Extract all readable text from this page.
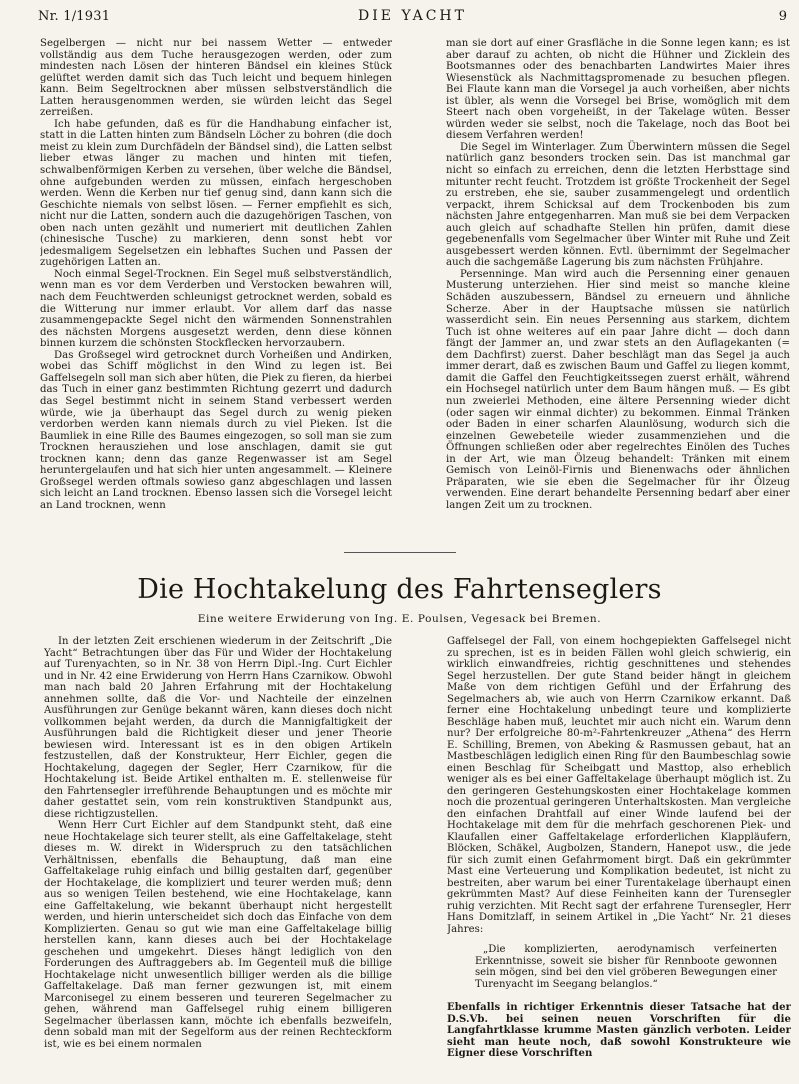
Nr. 1/1931	DIE YACHT	9

Segelbergen — nicht nur bei nassem Wetter — entweder vollständig aus dem Tuche herausgezogen werden, oder zum mindesten nach Lösen der hinteren Bändsel ein kleines Stück gelüftet werden damit sich das Tuch leicht und bequem hinlegen kann. Beim Segeltrocknen aber müssen selbstverständlich die Latten herausgenommen werden, sie würden leicht das Segel zerreißen.

Ich habe gefunden, daß es für die Handhabung einfacher ist, statt in die Latten hinten zum Bändseln Löcher zu bohren (die doch meist zu klein zum Durchfädeln der Bändsel sind), die Latten selbst lieber etwas länger zu machen und hinten mit tiefen, schwalbenförmigen Kerben zu versehen, über welche die Bändsel, ohne aufgebunden werden zu müssen, einfach hergeschoben werden. Wenn die Kerben nur tief genug sind, dann kann sich die Geschichte niemals von selbst lösen. — Ferner empfiehlt es sich, nicht nur die Latten, sondern auch die dazugehörigen Taschen, von oben nach unten gezählt und numeriert mit deutlichen Zahlen (chinesische Tusche) zu markieren, denn sonst hebt vor jedesmaligem Segelsetzen ein lebhaftes Suchen und Passen der zugehörigen Latten an.

Noch einmal Segel-Trocknen. Ein Segel muß selbstverständlich, wenn man es vor dem Verderben und Verstocken bewahren will, nach dem Feuchtwerden schleunigst getrocknet werden, sobald es die Witterung nur immer erlaubt. Vor allem darf das nasse zusammengepackte Segel nicht den wärmenden Sonnenstrahlen des nächsten Morgens ausgesetzt werden, denn diese können binnen kurzem die schönsten Stockflecken hervorzaubern.

Das Großsegel wird getrocknet durch Vorheißen und Andirken, wobei das Schiff möglichst in den Wind zu legen ist. Bei Gaffelsegeln soll man sich aber hüten, die Piek zu fieren, da hierbei das Tuch in einer ganz bestimmten Richtung gezerrt und dadurch das Segel bestimmt nicht in seinem Stand verbessert werden würde, wie ja überhaupt das Segel durch zu wenig pieken verdorben werden kann niemals durch zu viel Pieken. Ist die Baumliek in eine Rille des Baumes eingezogen, so soll man sie zum Trocknen herausziehen und lose anschlagen, damit sie gut trocknen kann; denn das ganze Regenwasser ist am Segel heruntergelaufen und hat sich hier unten angesammelt. — Kleinere Großsegel werden oftmals sowieso ganz abgeschlagen und lassen sich leicht an Land trocknen. Ebenso lassen sich die Vorsegel leicht an Land trocknen, wenn

man sie dort auf einer Grasfläche in die Sonne legen kann; es ist aber darauf zu achten, ob nicht die Hühner und Zicklein des Bootsmannes oder des benachbarten Landwirtes Maier ihres Wiesenstück als Nachmittagspromenade zu besuchen pflegen. Bei Flaute kann man die Vorsegel ja auch vorheißen, aber nichts ist übler, als wenn die Vorsegel bei Brise, womöglich mit dem Steert nach oben vorgeheißt, in der Takelage wüten. Besser würden weder sie selbst, noch die Takelage, noch das Boot bei diesem Verfahren werden!

Die Segel im Winterlager. Zum Überwintern müssen die Segel natürlich ganz besonders trocken sein. Das ist manchmal gar nicht so einfach zu erreichen, denn die letzten Herbsttage sind mitunter recht feucht. Trotzdem ist größte Trockenheit der Segel zu erstreben, ehe sie, sauber zusammengelegt und ordentlich verpackt, ihrem Schicksal auf dem Trockenboden bis zum nächsten Jahre entgegenharren. Man muß sie bei dem Verpacken auch gleich auf schadhafte Stellen hin prüfen, damit diese gegebenenfalls vom Segelmacher über Winter mit Ruhe und Zeit ausgebessert werden können. Evtl. übernimmt der Segelmacher auch die sachgemäße Lagerung bis zum nächsten Frühjahre.

Persenninge. Man wird auch die Persenning einer genauen Musterung unterziehen. Hier sind meist so manche kleine Schäden auszubessern, Bändsel zu erneuern und ähnliche Scherze. Aber in der Hauptsache müssen sie natürlich wasserdicht sein. Ein neues Persenning aus starkem, dichtem Tuch ist ohne weiteres auf ein paar Jahre dicht — doch dann fängt der Jammer an, und zwar stets an den Auflagekanten (= dem Dachfirst) zuerst. Daher beschlägt man das Segel ja auch immer derart, daß es zwischen Baum und Gaffel zu liegen kommt, damit die Gaffel den Feuchtigkeitssegen zuerst erhält, während ein Hochsegel natürlich unter dem Baum hängen muß. — Es gibt nun zweierlei Methoden, eine ältere Persenning wieder dicht (oder sagen wir einmal dichter) zu bekommen. Einmal Tränken oder Baden in einer scharfen Alaunlösung, wodurch sich die einzelnen Gewebeteile wieder zusammenziehen und die Öffnungen schließen oder aber regelrechtes Einölen des Tuches in der Art, wie man Ölzeug behandelt: Tränken mit einem Gemisch von Leinöl-Firnis und Bienenwachs oder ähnlichen Präparaten, wie sie eben die Segelmacher für ihr Ölzeug verwenden. Eine derart behandelte Persenning bedarf aber einer langen Zeit um zu trocknen.

Die Hochtakelung des Fahrtenseglers
Eine weitere Erwiderung von Ing. E. Poulsen, Vegesack bei Bremen.

In der letzten Zeit erschienen wiederum in der Zeitschrift „Die Yacht“ Betrachtungen über das Für und Wider der Hochtakelung auf Turenyachten, so in Nr. 38 von Herrn Dipl.-Ing. Curt Eichler und in Nr. 42 eine Erwiderung von Herrn Hans Czarnikow. Obwohl man nach bald 20 Jahren Erfahrung mit der Hochtakelung annehmen sollte, daß die Vor- und Nachteile der einzelnen Ausführungen zur Genüge bekannt wären, kann dieses doch nicht vollkommen bejaht werden, da durch die Mannigfaltigkeit der Ausführungen bald die Richtigkeit dieser und jener Theorie bewiesen wird. Interessant ist es in den obigen Artikeln festzustellen, daß der Konstrukteur, Herr Eichler, gegen die Hochtakelung, dagegen der Segler, Herr Czarnikow, für die Hochtakelung ist. Beide Artikel enthalten m. E. stellenweise für den Fahrtensegler irreführende Behauptungen und es möchte mir daher gestattet sein, vom rein konstruktiven Standpunkt aus, diese richtigzustellen.

Wenn Herr Curt Eichler auf dem Standpunkt steht, daß eine neue Hochtakelage sich teurer stellt, als eine Gaffeltakelage, steht dieses m. W. direkt in Widerspruch zu den tatsächlichen Verhältnissen, ebenfalls die Behauptung, daß man eine Gaffeltakelage ruhig einfach und billig gestalten darf, gegenüber der Hochtakelage, die kompliziert und teurer werden muß; denn aus so wenigen Teilen bestehend, wie eine Hochtakelage, kann eine Gaffeltakelung, wie bekannt überhaupt nicht hergestellt werden, und hierin unterscheidet sich doch das Einfache von dem Komplizierten. Genau so gut wie man eine Gaffeltakelage billig herstellen kann, kann dieses auch bei der Hochtakelage geschehen und umgekehrt. Dieses hängt lediglich von den Forderungen des Auftraggebers ab. Im Gegenteil muß die billige Hochtakelage nicht unwesentlich billiger werden als die billige Gaffeltakelage. Daß man ferner gezwungen ist, mit einem Marconisegel zu einem besseren und teureren Segelmacher zu gehen, während man Gaffelsegel ruhig einem billigeren Segelmacher überlassen kann, möchte ich ebenfalls bezweifeln, denn sobald man mit der Segelform aus der reinen Rechteckform ist, wie es bei einem normalen

Gaffelsegel der Fall, von einem hochgepiekten Gaffelsegel nicht zu sprechen, ist es in beiden Fällen wohl gleich schwierig, ein wirklich einwandfreies, richtig geschnittenes und stehendes Segel herzustellen. Der gute Stand beider hängt in gleichem Maße von dem richtigen Gefühl und der Erfahrung des Segelmachers ab, wie auch von Herrn Czarnikow erkannt. Daß ferner eine Hochtakelung unbedingt teure und komplizierte Beschläge haben muß, leuchtet mir auch nicht ein. Warum denn nur? Der erfolgreiche 80-m²-Fahrtenkreuzer „Athena“ des Herrn E. Schilling, Bremen, von Abeking & Rasmussen gebaut, hat an Mastbeschlägen lediglich einen Ring für den Baumbeschlag sowie einen Beschlag für Scheibgatt und Masttop, also erheblich weniger als es bei einer Gaffeltakelage überhaupt möglich ist. Zu den geringeren Gestehungskosten einer Hochtakelage kommen noch die prozentual geringeren Unterhaltskosten. Man vergleiche den einfachen Drahtfall auf einer Winde laufend bei der Hochtakelage mit dem für die mehrfach geschorenen Piek- und Klaufallen einer Gaffeltakelage erforderlichen Klappläufern, Blöcken, Schäkel, Augbolzen, Standern, Hanepot usw., die jede für sich zumit einen Gefahrmoment birgt. Daß ein gekrümmter Mast eine Verteuerung und Komplikation bedeutet, ist nicht zu bestreiten, aber warum bei einer Turentakelage überhaupt einen gekrümmten Mast? Auf diese Feinheiten kann der Turensegler ruhig verzichten. Mit Recht sagt der erfahrene Turensegler, Herr Hans Domitzlaff, in seinem Artikel in „Die Yacht“ Nr. 21 dieses Jahres:

„Die komplizierten, aerodynamisch verfeinerten Erkenntnisse, soweit sie bisher für Rennboote gewonnen sein mögen, sind bei den viel gröberen Bewegungen einer Turenyacht im Seegang belanglos.“

Ebenfalls in richtiger Erkenntnis dieser Tatsache hat der D.S.Vb. bei seinen neuen Vorschriften für die Langfahrtklasse krumme Masten gänzlich verboten. Leider sieht man heute noch, daß sowohl Konstrukteure wie Eigner diese Vorschriften
